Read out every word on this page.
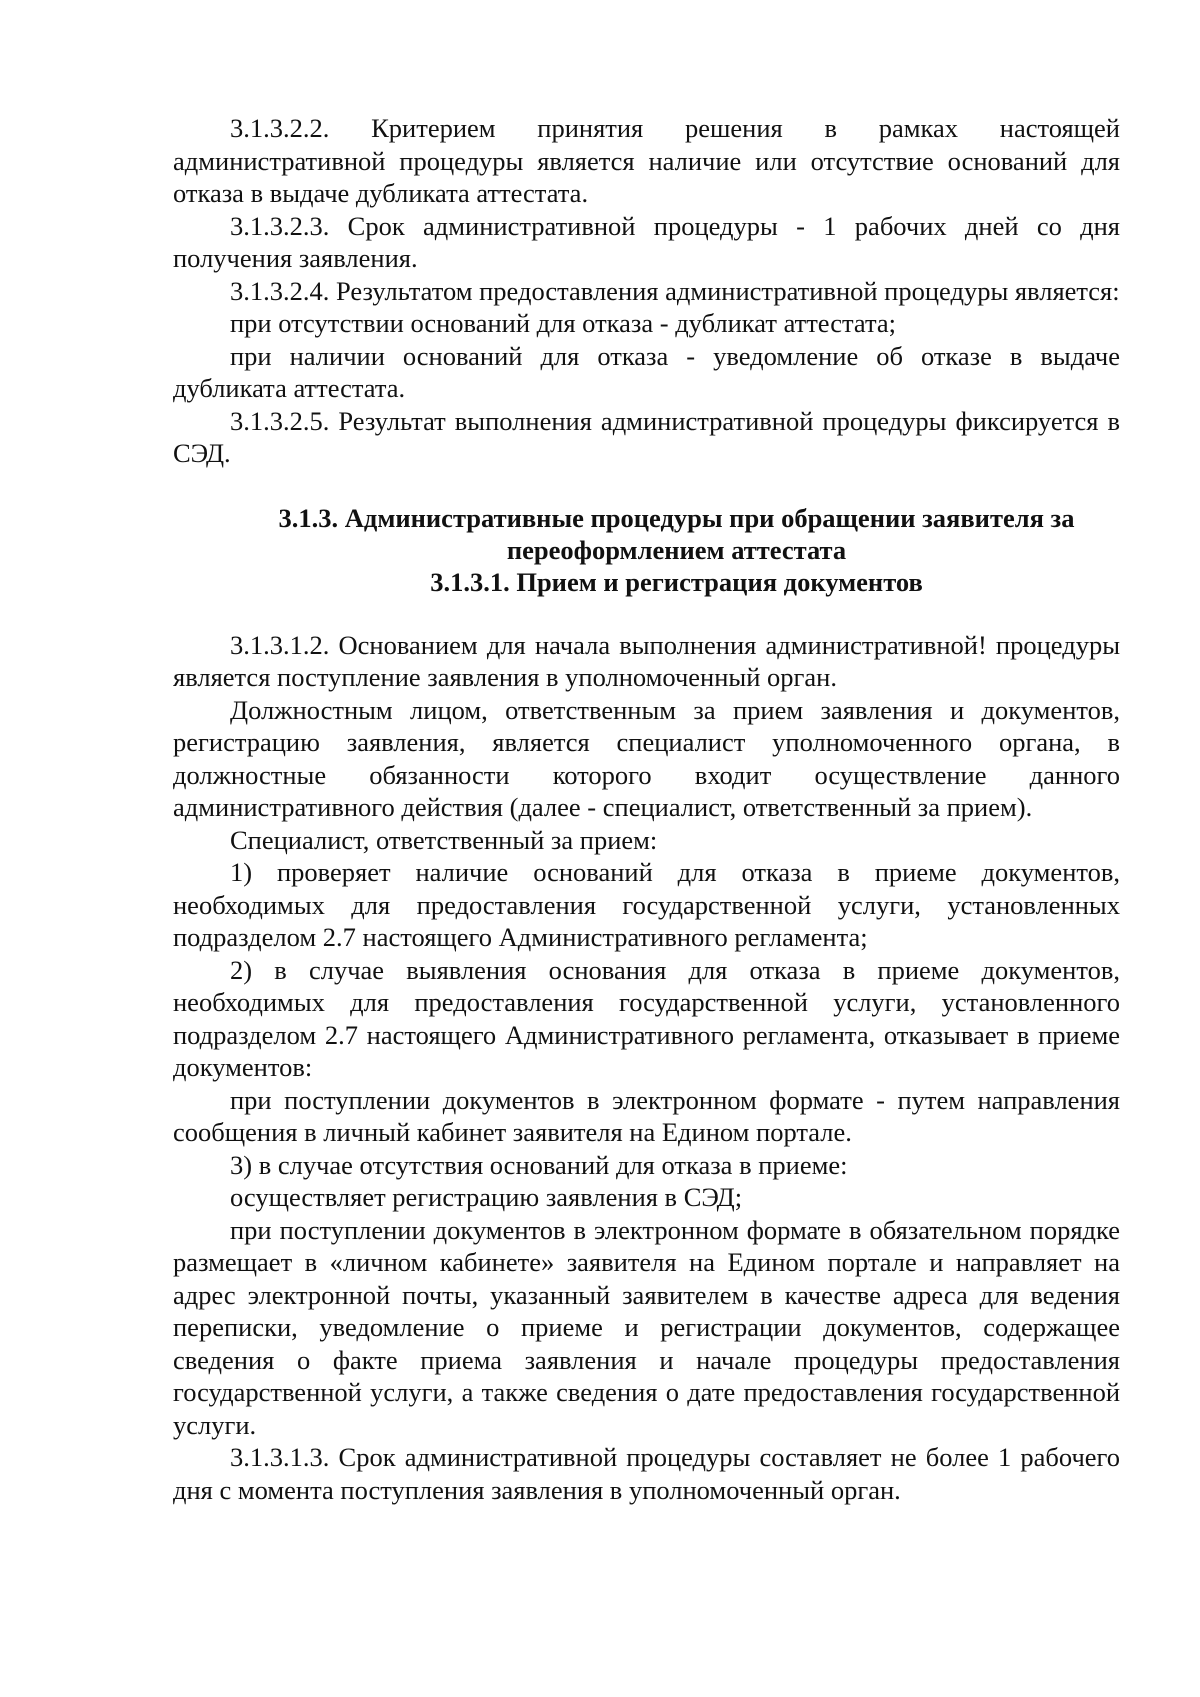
3.1.3.2.2. Критерием принятия решения в рамках настоящей административной процедуры является наличие или отсутствие оснований для отказа в выдаче дубликата аттестата.

3.1.3.2.3. Срок административной процедуры - 1 рабочих дней со дня получения заявления.

3.1.3.2.4. Результатом предоставления административной процедуры является:

при отсутствии оснований для отказа - дубликат аттестата;

при наличии оснований для отказа - уведомление об отказе в выдаче дубликата аттестата.

3.1.3.2.5. Результат выполнения административной процедуры фиксируется в СЭД.

3.1.3. Административные процедуры при обращении заявителя за переоформлением аттестата

3.1.3.1. Прием и регистрация документов

3.1.3.1.2. Основанием для начала выполнения административной! процедуры является поступление заявления в уполномоченный орган.

Должностным лицом, ответственным за прием заявления и документов, регистрацию заявления, является специалист уполномоченного органа, в должностные обязанности которого входит осуществление данного административного действия (далее - специалист, ответственный за прием).

Специалист, ответственный за прием:

1) проверяет наличие оснований для отказа в приеме документов, необходимых для предоставления государственной услуги, установленных подразделом 2.7 настоящего Административного регламента;

2) в случае выявления основания для отказа в приеме документов, необходимых для предоставления государственной услуги, установленного подразделом 2.7 настоящего Административного регламента, отказывает в приеме документов:

при поступлении документов в электронном формате - путем направления сообщения в личный кабинет заявителя на Едином портале.

3) в случае отсутствия оснований для отказа в приеме:

осуществляет регистрацию заявления в СЭД;

при поступлении документов в электронном формате в обязательном порядке размещает в «личном кабинете» заявителя на Едином портале и направляет на адрес электронной почты, указанный заявителем в качестве адреса для ведения переписки, уведомление о приеме и регистрации документов, содержащее сведения о факте приема заявления и начале процедуры предоставления государственной услуги, а также сведения о дате предоставления государственной услуги.

3.1.3.1.3. Срок административной процедуры составляет не более 1 рабочего дня с момента поступления заявления в уполномоченный орган.
